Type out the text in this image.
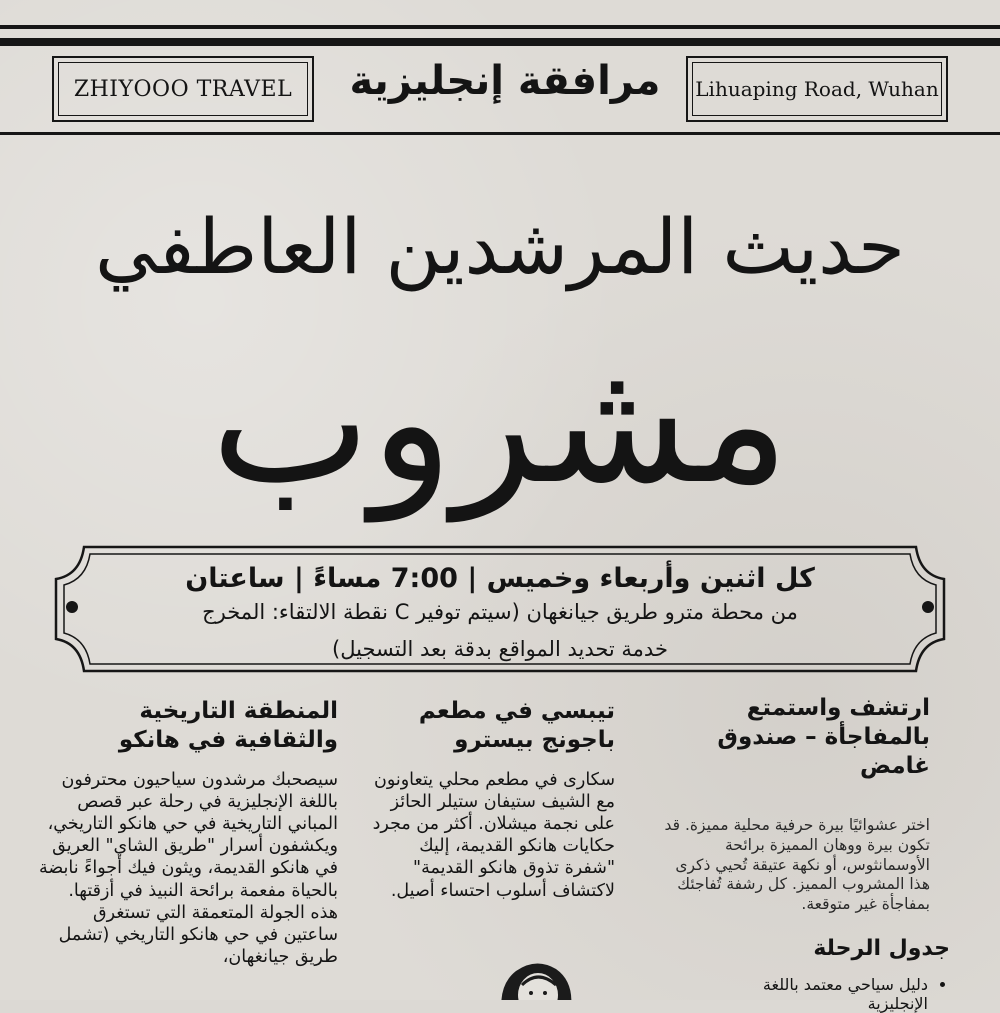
ZHIYOOO TRAVEL	مرافقة إنجليزية	Lihuaping Road, Wuhan
حديث المرشدين العاطفي
مشروب
كل اثنين وأربعاء وخميس | 7:00 مساءً | ساعتان
من محطة مترو طريق جيانغهان (سيتم توفير C نقطة الالتقاء: المخرج
خدمة تحديد المواقع بدقة بعد التسجيل)
ارتشف واستمتع بالمفاجأة – صندوق غامض

اختر عشوائيًا بيرة حرفية محلية مميزة. قد تكون بيرة ووهان المميزة برائحة الأوسمانثوس، أو نكهة عتيقة تُحيي ذكرى هذا المشروب المميز. كل رشفة تُفاجئك بمفاجأة غير متوقعة.

تيبسي في مطعم باجونج بيسترو

سكارى في مطعم محلي يتعاونون مع الشيف ستيفان ستيلر الحائز على نجمة ميشلان. أكثر من مجرد حكايات هانكو القديمة، إليك "شفرة تذوق هانكو القديمة" لاكتشاف أسلوب احتساء أصيل.

المنطقة التاريخية والثقافية في هانكو

سيصحبك مرشدون سياحيون محترفون باللغة الإنجليزية في رحلة عبر قصص المباني التاريخية في حي هانكو التاريخي، ويكشفون أسرار "طريق الشاي" العريق في هانكو القديمة، ويثون فيك أجواءً نابضة بالحياة مفعمة برائحة النبيذ في أزقتها. هذه الجولة المتعمقة التي تستغرق ساعتين في حي هانكو التاريخي (تشمل طريق جيانغهان،	جدول الرحلة
• دليل سياحي معتمد باللغة الإنجليزية
